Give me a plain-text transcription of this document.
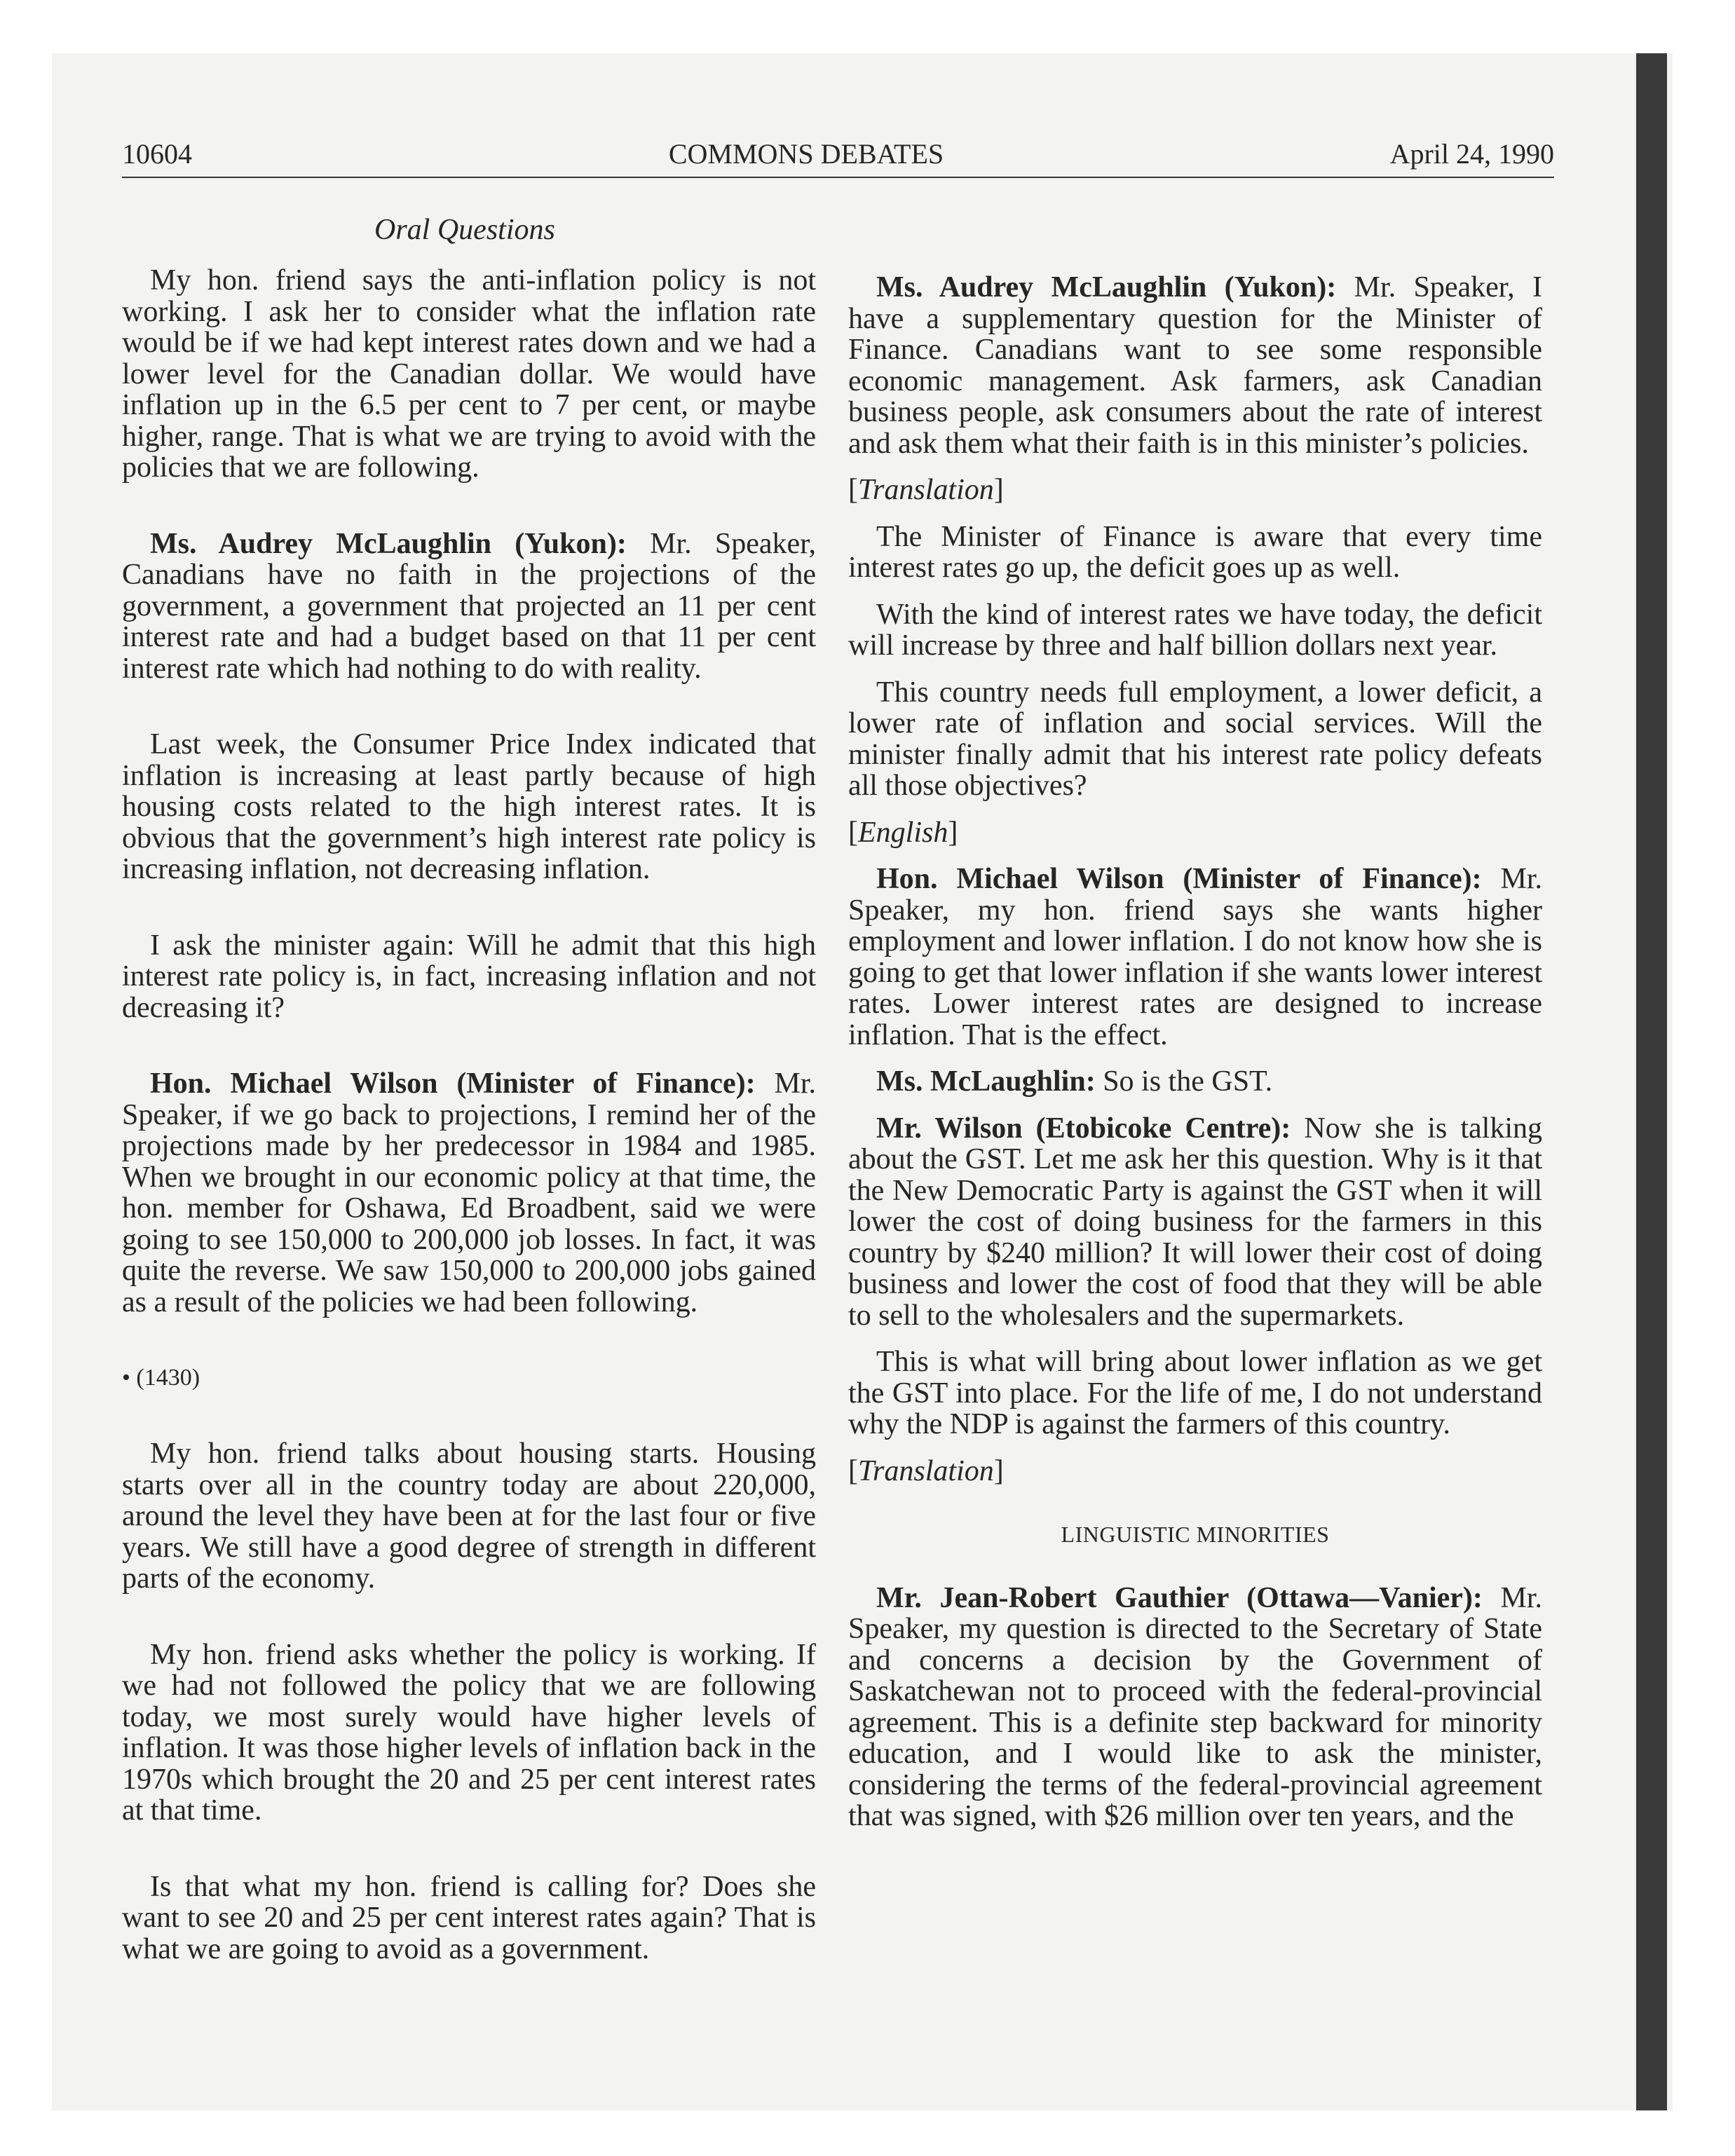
10604	COMMONS DEBATES	April 24, 1990
Oral Questions

My hon. friend says the anti-inflation policy is not working. I ask her to consider what the inflation rate would be if we had kept interest rates down and we had a lower level for the Canadian dollar. We would have inflation up in the 6.5 per cent to 7 per cent, or maybe higher, range. That is what we are trying to avoid with the policies that we are following.

Ms. Audrey McLaughlin (Yukon): Mr. Speaker, Canadians have no faith in the projections of the government, a government that projected an 11 per cent interest rate and had a budget based on that 11 per cent interest rate which had nothing to do with reality.

Last week, the Consumer Price Index indicated that inflation is increasing at least partly because of high housing costs related to the high interest rates. It is obvious that the government’s high interest rate policy is increasing inflation, not decreasing inflation.

I ask the minister again: Will he admit that this high interest rate policy is, in fact, increasing inflation and not decreasing it?

Hon. Michael Wilson (Minister of Finance): Mr. Speaker, if we go back to projections, I remind her of the projections made by her predecessor in 1984 and 1985. When we brought in our economic policy at that time, the hon. member for Oshawa, Ed Broadbent, said we were going to see 150,000 to 200,000 job losses. In fact, it was quite the reverse. We saw 150,000 to 200,000 jobs gained as a result of the policies we had been following.

• (1430)

My hon. friend talks about housing starts. Housing starts over all in the country today are about 220,000, around the level they have been at for the last four or five years. We still have a good degree of strength in different parts of the economy.

My hon. friend asks whether the policy is working. If we had not followed the policy that we are following today, we most surely would have higher levels of inflation. It was those higher levels of inflation back in the 1970s which brought the 20 and 25 per cent interest rates at that time.

Is that what my hon. friend is calling for? Does she want to see 20 and 25 per cent interest rates again? That is what we are going to avoid as a government.

Ms. Audrey McLaughlin (Yukon): Mr. Speaker, I have a supplementary question for the Minister of Finance. Canadians want to see some responsible economic management. Ask farmers, ask Canadian business people, ask consumers about the rate of interest and ask them what their faith is in this minister’s policies.

[Translation]

The Minister of Finance is aware that every time interest rates go up, the deficit goes up as well.

With the kind of interest rates we have today, the deficit will increase by three and half billion dollars next year.

This country needs full employment, a lower deficit, a lower rate of inflation and social services. Will the minister finally admit that his interest rate policy defeats all those objectives?

[English]

Hon. Michael Wilson (Minister of Finance): Mr. Speaker, my hon. friend says she wants higher employment and lower inflation. I do not know how she is going to get that lower inflation if she wants lower interest rates. Lower interest rates are designed to increase inflation. That is the effect.

Ms. McLaughlin: So is the GST.

Mr. Wilson (Etobicoke Centre): Now she is talking about the GST. Let me ask her this question. Why is it that the New Democratic Party is against the GST when it will lower the cost of doing business for the farmers in this country by $240 million? It will lower their cost of doing business and lower the cost of food that they will be able to sell to the wholesalers and the supermarkets.

This is what will bring about lower inflation as we get the GST into place. For the life of me, I do not understand why the NDP is against the farmers of this country.

[Translation]

LINGUISTIC MINORITIES

Mr. Jean-Robert Gauthier (Ottawa—Vanier): Mr. Speaker, my question is directed to the Secretary of State and concerns a decision by the Government of Saskatchewan not to proceed with the federal-provincial agreement. This is a definite step backward for minority education, and I would like to ask the minister, considering the terms of the federal-provincial agreement that was signed, with $26 million over ten years, and the
